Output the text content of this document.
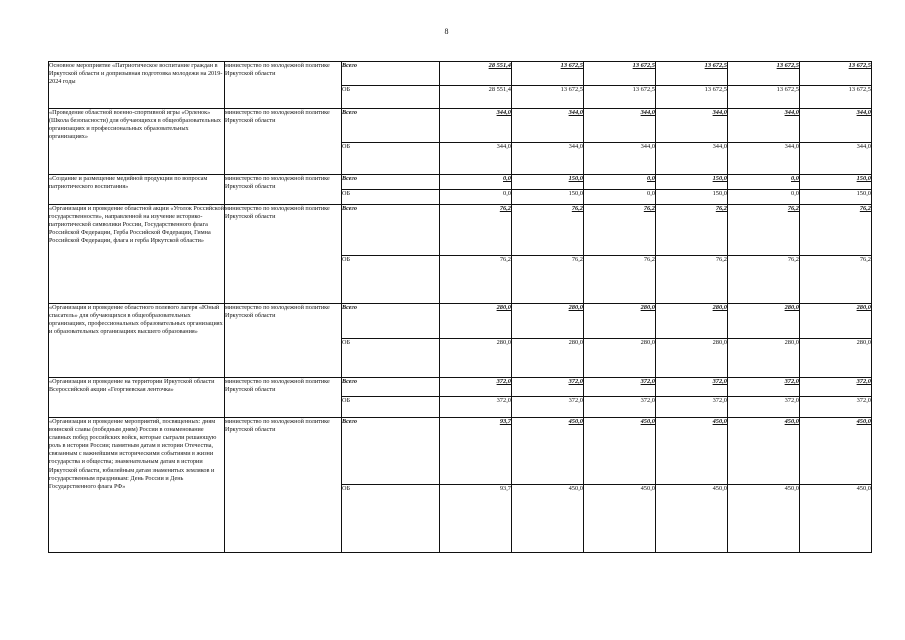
8
Основное мероприятие «Патриотическое воспитание граждан в Иркутской области и допризывная подготовка молодежи на 2019-2024 годы	министерство по молодежной политике Иркутской области	Всего	28 551,4	13 672,5	13 672,5	13 672,5	13 672,5	13 672,5
		ОБ	28 551,4	13 672,5	13 672,5	13 672,5	13 672,5	13 672,5
«Проведение областной военно-спортивной игры «Орленок» (Школа безопасности) для обучающихся в общеобразовательных организациях и профессиональных образовательных организациях»	министерство по молодежной политике Иркутской области	Всего	344,0	344,0	344,0	344,0	344,0	344,0
		ОБ	344,0	344,0	344,0	344,0	344,0	344,0
«Создание и размещение медийной продукции по вопросам патриотического воспитания»	министерство по молодежной политике Иркутской области	Всего	0,0	150,0	0,0	150,0	0,0	150,0
		ОБ	0,0	150,0	0,0	150,0	0,0	150,0
«Организация и проведение областной акции «Уголок Российской государственности», направленной на изучение историко-патриотической символики России, Государственного флага Российской Федерации, Герба Российской Федерации, Гимна Российской Федерации, флага и герба Иркутской области»	министерство по молодежной политике Иркутской области	Всего	76,2	76,2	76,2	76,2	76,2	76,2
		ОБ	76,2	76,2	76,2	76,2	76,2	76,2
«Организация и проведение областного полевого лагеря «Юный спасатель» для обучающихся в общеобразовательных организациях, профессиональных образовательных организациях и образовательных организациях высшего образования»	министерство по молодежной политике Иркутской области	Всего	280,0	280,0	280,0	280,0	280,0	280,0
		ОБ	280,0	280,0	280,0	280,0	280,0	280,0
«Организация и проведение на территории Иркутской области Всероссийской акции «Георгиевская ленточка»	министерство по молодежной политике Иркутской области	Всего	372,0	372,0	372,0	372,0	372,0	372,0
		ОБ	372,0	372,0	372,0	372,0	372,0	372,0
«Организация и проведение мероприятий, посвященных: дням воинской славы (победным дням) России в ознаменование славных побед российских войск, которые сыграли решающую роль в истории России; памятным датам в истории Отечества, связанным с важнейшими историческими событиями в жизни государства и общества; знаменательным датам в истории Иркутской области, юбилейным датам знаменитых земляков и государственным праздникам: День России и День Государственного флага РФ»	министерство по молодежной политике Иркутской области	Всего	93,7	450,0	450,0	450,0	450,0	450,0
		ОБ	93,7	450,0	450,0	450,0	450,0	450,0
